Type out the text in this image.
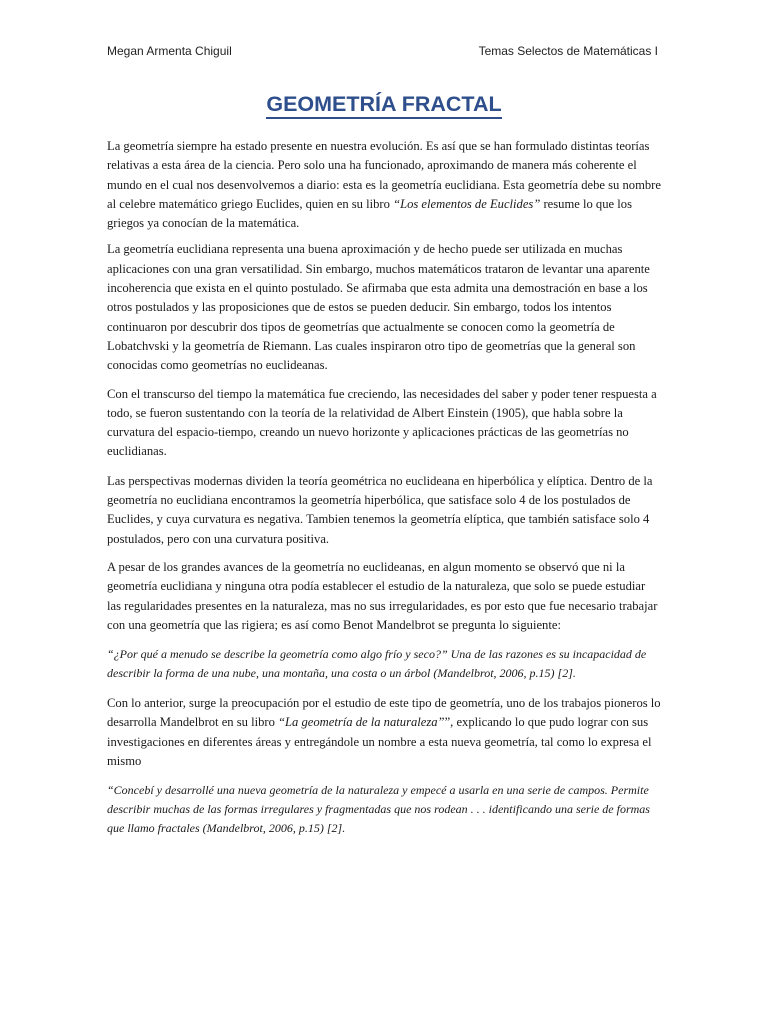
Megan Armenta Chiguil	Temas Selectos de Matemáticas I
GEOMETRÍA FRACTAL

La geometría siempre ha estado presente en nuestra evolución. Es así que se han formulado distintas teorías relativas a esta área de la ciencia. Pero solo una ha funcionado, aproximando de manera más coherente el mundo en el cual nos desenvolvemos a diario: esta es la geometría euclidiana. Esta geometría debe su nombre al celebre matemático griego Euclides, quien en su libro “Los elementos de Euclides” resume lo que los griegos ya conocían de la matemática.

La geometría euclidiana representa una buena aproximación y de hecho puede ser utilizada en muchas aplicaciones con una gran versatilidad. Sin embargo, muchos matemáticos trataron de levantar una aparente incoherencia que exista en el quinto postulado. Se afirmaba que esta admita una demostración en base a los otros postulados y las proposiciones que de estos se pueden deducir. Sin embargo, todos los intentos continuaron por descubrir dos tipos de geometrías que actualmente se conocen como la geometría de Lobatchvski y la geometría de Riemann. Las cuales inspiraron otro tipo de geometrías que la general son conocidas como geometrías no euclideanas.

Con el transcurso del tiempo la matemática fue creciendo, las necesidades del saber y poder tener respuesta a todo, se fueron sustentando con la teoría de la relatividad de Albert Einstein (1905), que habla sobre la curvatura del espacio-tiempo, creando un nuevo horizonte y aplicaciones prácticas de las geometrías no euclidianas.

Las perspectivas modernas dividen la teoría geométrica no euclideana en hiperbólica y elíptica. Dentro de la geometría no euclidiana encontramos la geometría hiperbólica, que satisface solo 4 de los postulados de Euclides, y cuya curvatura es negativa. Tambien tenemos la geometría elíptica, que también satisface solo 4 postulados, pero con una curvatura positiva.

A pesar de los grandes avances de la geometría no euclideanas, en algun momento se observó que ni la geometría euclidiana y ninguna otra podía establecer el estudio de la naturaleza, que solo se puede estudiar las regularidades presentes en la naturaleza, mas no sus irregularidades, es por esto que fue necesario trabajar con una geometría que las rigiera; es así como Benot Mandelbrot se pregunta lo siguiente:

“¿Por qué a menudo se describe la geometría como algo frío y seco?” Una de las razones es su incapacidad de describir la forma de una nube, una montaña, una costa o un árbol (Mandelbrot, 2006, p.15) [2].

Con lo anterior, surge la preocupación por el estudio de este tipo de geometría, uno de los trabajos pioneros lo desarrolla Mandelbrot en su libro “La geometría de la naturaleza””, explicando lo que pudo lograr con sus investigaciones en diferentes áreas y entregándole un nombre a esta nueva geometría, tal como lo expresa el mismo

“Concebí y desarrollé una nueva geometría de la naturaleza y empecé a usarla en una serie de campos. Permite describir muchas de las formas irregulares y fragmentadas que nos rodean . . . identificando una serie de formas que llamo fractales (Mandelbrot, 2006, p.15) [2].
